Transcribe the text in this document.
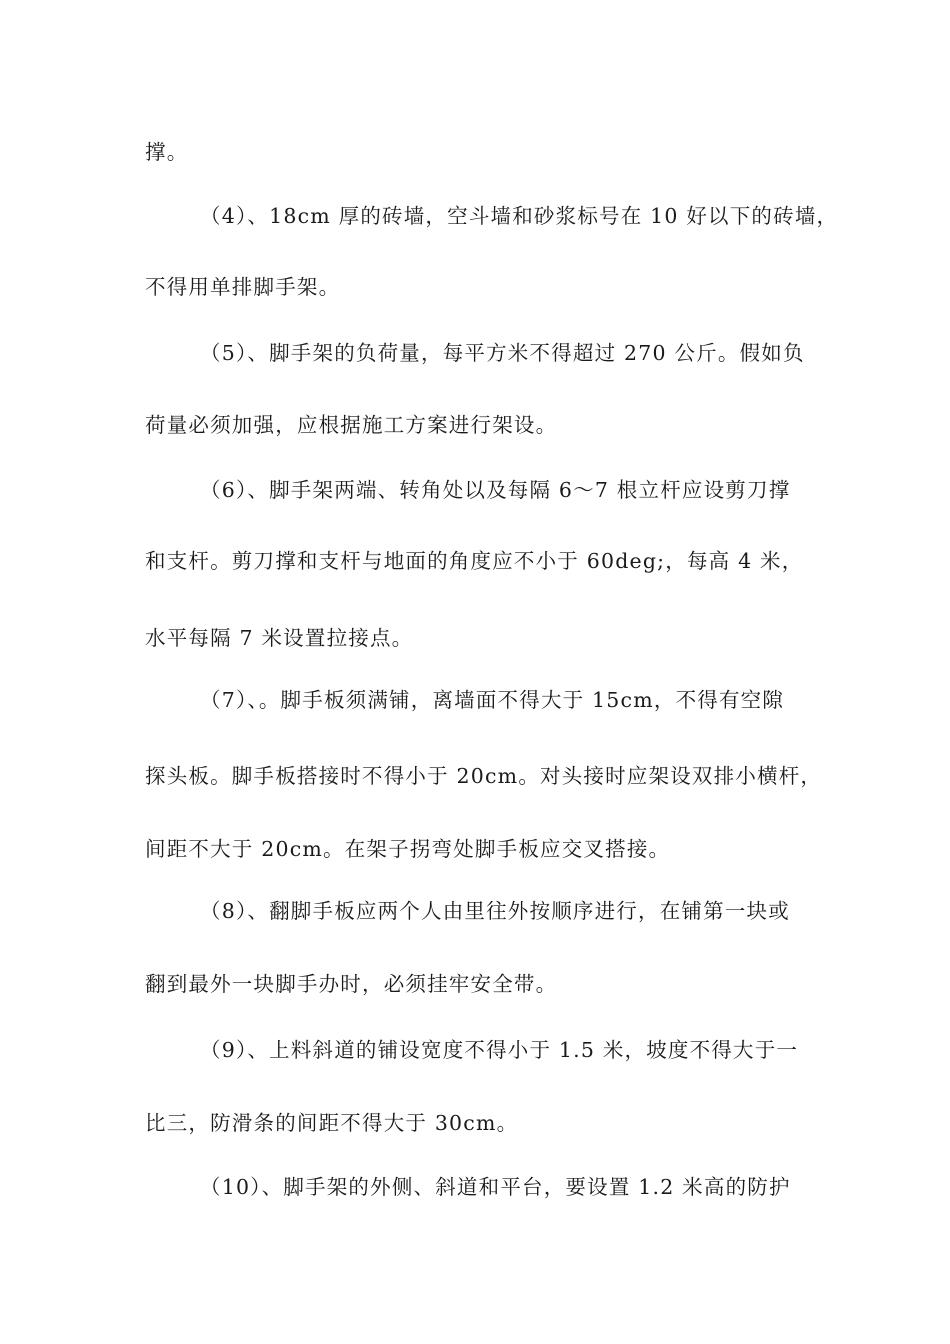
撑。
（4）、18cm 厚的砖墙，空斗墙和砂浆标号在 10 好以下的砖墙，
不得用单排脚手架。
（5）、脚手架的负荷量，每平方米不得超过 270 公斤。假如负
荷量必须加强，应根据施工方案进行架设。
（6）、脚手架两端、转角处以及每隔 6～7 根立杆应设剪刀撑
和支杆。剪刀撑和支杆与地面的角度应不小于 60deg;，每高 4 米，
水平每隔 7 米设置拉接点。
（7）、。脚手板须满铺，离墙面不得大于 15cm，不得有空隙
探头板。脚手板搭接时不得小于 20cm。对头接时应架设双排小横杆，
间距不大于 20cm。在架子拐弯处脚手板应交叉搭接。
（8）、翻脚手板应两个人由里往外按顺序进行，在铺第一块或
翻到最外一块脚手办时，必须挂牢安全带。
（9）、上料斜道的铺设宽度不得小于 1.5 米，坡度不得大于一
比三，防滑条的间距不得大于 30cm。
（10）、脚手架的外侧、斜道和平台，要设置 1.2 米高的防护
